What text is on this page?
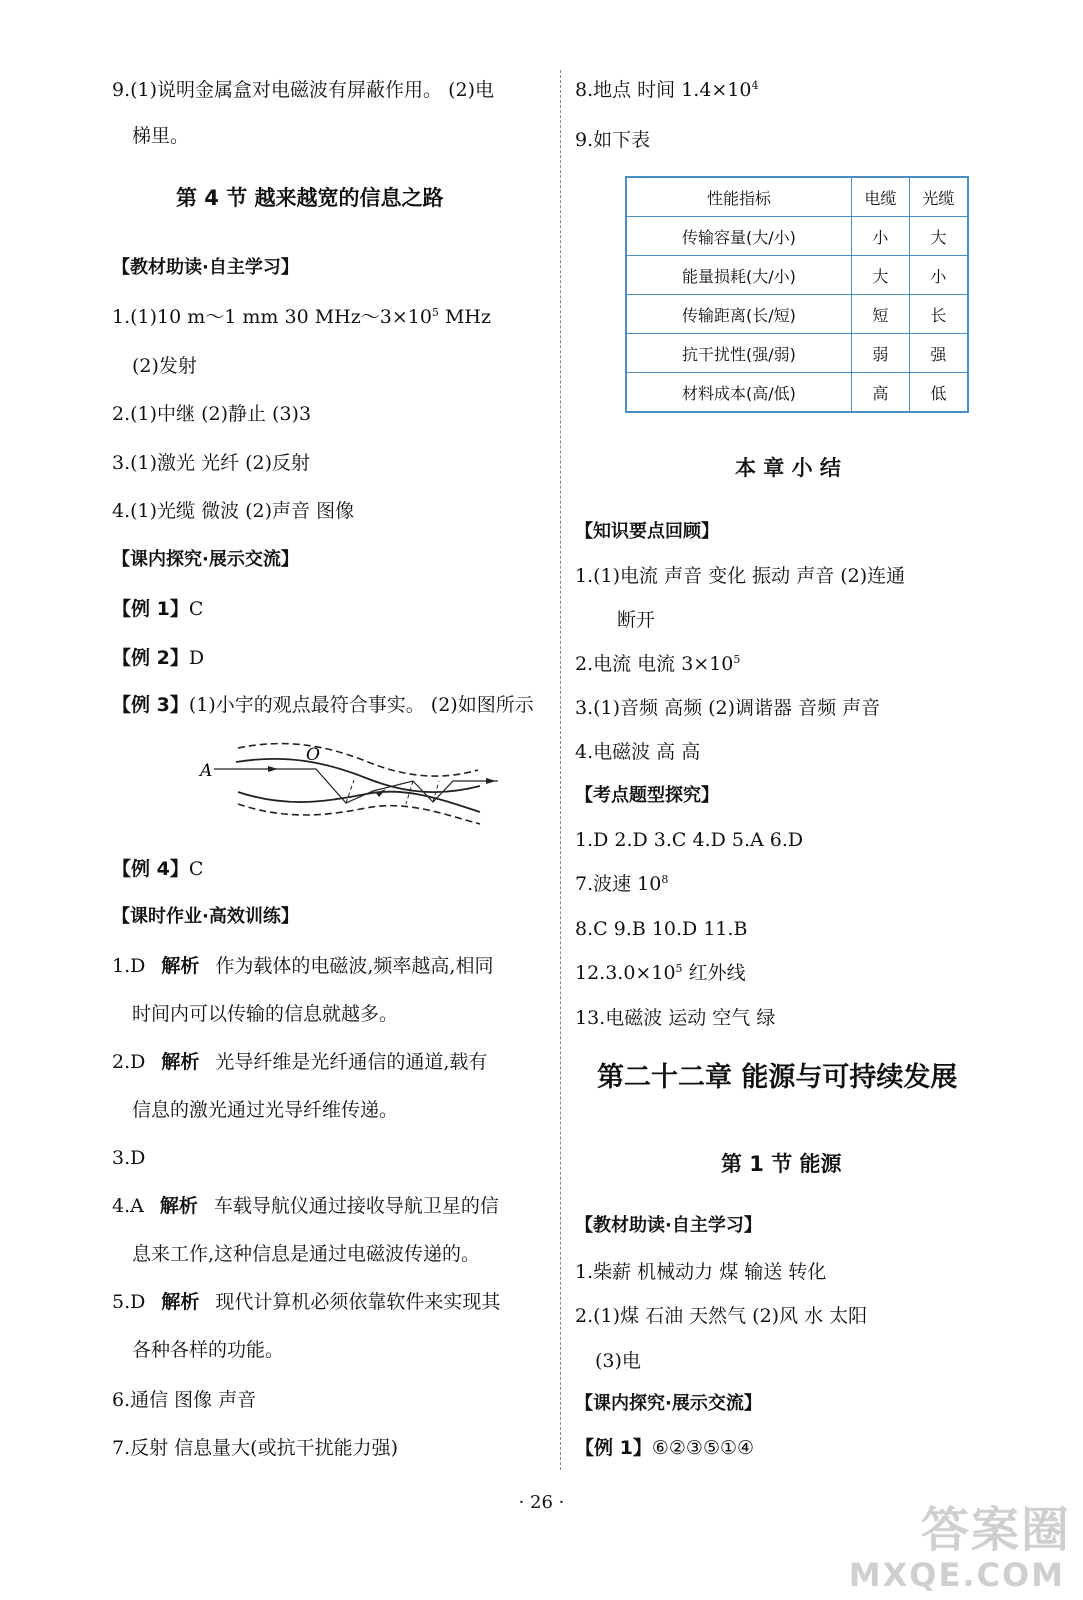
9.(1)说明金属盒对电磁波有屏蔽作用。 (2)电
梯里。
第 4 节 越来越宽的信息之路
【教材助读·自主学习】
1.(1)10 m～1 mm 30 $MHz\sim 3\times 10^5$ MHz
(2)发射
2.(1)中继 (2)静止 (3)3
3.(1)激光 光纤 (2)反射
4.(1)光缆 微波 (2)声音 图像
【课内探究·展示交流】
【例 1】C
【例 2】D
【例 3】(1)小宇的观点最符合事实。 (2)如图所示
A
O
【例 4】C
【课时作业·高效训练】
1.D 解析 作为载体的电磁波,频率越高,相同
时间内可以传输的信息就越多。
2.D 解析 光导纤维是光纤通信的通道,载有
信息的激光通过光导纤维传递。
3.D
4.A 解析 车载导航仪通过接收导航卫星的信
息来工作,这种信息是通过电磁波传递的。
5.D 解析 现代计算机必须依靠软件来实现其
各种各样的功能。
6.通信 图像 声音
7.反射 信息量大(或抗干扰能力强)
8.地点 时间 $1.4\times 10^4$
9.如下表
性能指标	电缆	光缆
传输容量(大/小)	小	大
能量损耗(大/小)	大	小
传输距离(长/短)	短	长
抗干扰性(强/弱)	弱	强
材料成本(高/低)	高	低
本 章 小 结
【知识要点回顾】
1.(1)电流 声音 变化 振动 声音 (2)连通
断开
2.电流 电流 $3\times 10^5$
3.(1)音频 高频 (2)调谐器 音频 声音
4.电磁波 高 高
【考点题型探究】
1.D 2.D 3.C 4.D 5.A 6.D
7.波速 $10^8$
8.C 9.B 10.D 11.B
$12.3.0\times 10^5$ 红外线
13.电磁波 运动 空气 绿
第二十二章 能源与可持续发展
第 1 节 能源
【教材助读·自主学习】
1.柴薪 机械动力 煤 输送 转化
2.(1)煤 石油 天然气 (2)风 水 太阳
(3)电
【课内探究·展示交流】
【例 1】⑥②③⑤①④
· 26 ·	答案圈
MXQE.COM
